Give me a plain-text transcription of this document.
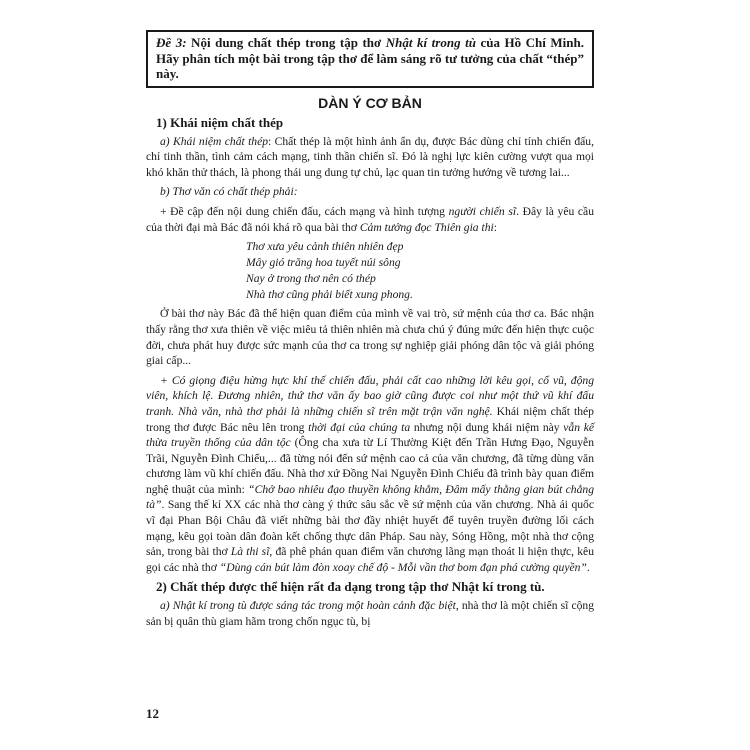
Đề 3: Nội dung chất thép trong tập thơ Nhật kí trong tù của Hồ Chí Minh. Hãy phân tích một bài trong tập thơ để làm sáng rõ tư tưởng của chất “thép” này.
DÀN Ý CƠ BẢN
1) Khái niệm chất thép

a) Khái niệm chất thép: Chất thép là một hình ảnh ẩn dụ, được Bác dùng chỉ tính chiến đấu, chỉ tinh thần, tình cảm cách mạng, tinh thần chiến sĩ. Đó là nghị lực kiên cường vượt qua mọi khó khăn thử thách, là phong thái ung dung tự chủ, lạc quan tin tưởng hướng về tương lai...

b) Thơ văn có chất thép phải:

+ Đề cập đến nội dung chiến đấu, cách mạng và hình tượng người chiến sĩ. Đây là yêu cầu của thời đại mà Bác đã nói khá rõ qua bài thơ Cảm tưởng đọc Thiên gia thi:

Thơ xưa yêu cảnh thiên nhiên đẹp
Mây gió trăng hoa tuyết núi sông
Nay ở trong thơ nên có thép
Nhà thơ cũng phải biết xung phong.

Ở bài thơ này Bác đã thể hiện quan điểm của mình về vai trò, sứ mệnh của thơ ca. Bác nhận thấy rằng thơ xưa thiên về việc miêu tả thiên nhiên mà chưa chú ý đúng mức đến hiện thực cuộc đời, chưa phát huy được sức mạnh của thơ ca trong sự nghiệp giải phóng dân tộc và giải phóng giai cấp...

+ Có giọng điệu hừng hực khí thế chiến đấu, phải cất cao những lời kêu gọi, cổ vũ, động viên, khích lệ. Đương nhiên, thứ thơ văn ấy bao giờ cũng được coi như một thứ vũ khí đấu tranh. Nhà văn, nhà thơ phải là những chiến sĩ trên mặt trận văn nghệ. Khái niệm chất thép trong thơ được Bác nêu lên trong thời đại của chúng ta nhưng nội dung khái niệm này vẫn kế thừa truyền thống của dân tộc (Ông cha xưa từ Lí Thường Kiệt đến Trần Hưng Đạo, Nguyễn Trãi, Nguyễn Đình Chiểu,... đã từng nói đến sứ mệnh cao cả của văn chương, đã từng dùng văn chương làm vũ khí chiến đấu. Nhà thơ xứ Đồng Nai Nguyễn Đình Chiểu đã trình bày quan điểm nghệ thuật của mình: “Chở bao nhiêu đạo thuyền không khẳm, Đâm mấy thằng gian bút chẳng tà”. Sang thế kỉ XX các nhà thơ càng ý thức sâu sắc về sứ mệnh của văn chương. Nhà ái quốc vĩ đại Phan Bội Châu đã viết những bài thơ đầy nhiệt huyết để tuyên truyền đường lối cách mạng, kêu gọi toàn dân đoàn kết chống thực dân Pháp. Sau này, Sóng Hồng, một nhà thơ cộng sản, trong bài thơ Là thi sĩ, đã phê phán quan điểm văn chương lãng mạn thoát li hiện thực, kêu gọi các nhà thơ “Dùng cán bút làm đòn xoay chế độ - Mỗi vần thơ bom đạn phá cường quyền”.

2) Chất thép được thể hiện rất đa dạng trong tập thơ Nhật kí trong tù.

a) Nhật kí trong tù được sáng tác trong một hoàn cảnh đặc biệt, nhà thơ là một chiến sĩ cộng sản bị quân thù giam hãm trong chốn ngục tù, bị

12
